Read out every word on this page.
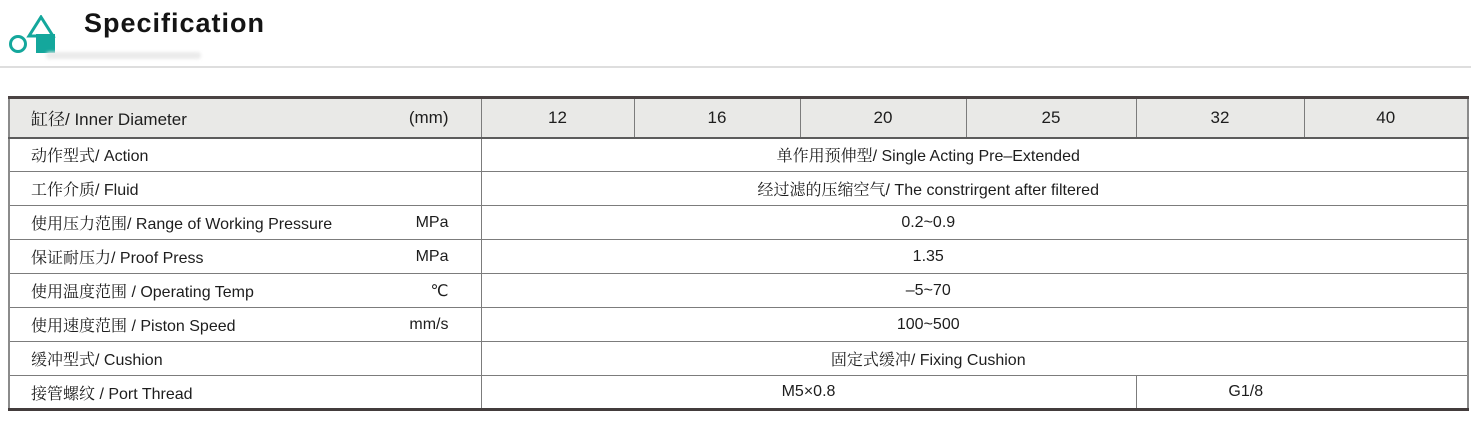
Specification
缸径/ Inner Diameter (mm)	12	16	20	25	32	40

动作型式/ Action	单作用预伸型/ Single Acting Pre–Extended					

工作介质/ Fluid	经过滤的压缩空气/ The constrirgent after filtered					

使用压力范围/ Range of Working Pressure MPa	0.2~0.9					

保证耐压力/ Proof Press MPa	1.35					

使用温度范围 / Operating Temp ℃	–5~70					

使用速度范围 / Piston Speed mm/s	100~500					

缓冲型式/ Cushion	固定式缓冲/ Fixing Cushion					

接管螺纹 / Port Thread	M5×0.8				G1/8	
